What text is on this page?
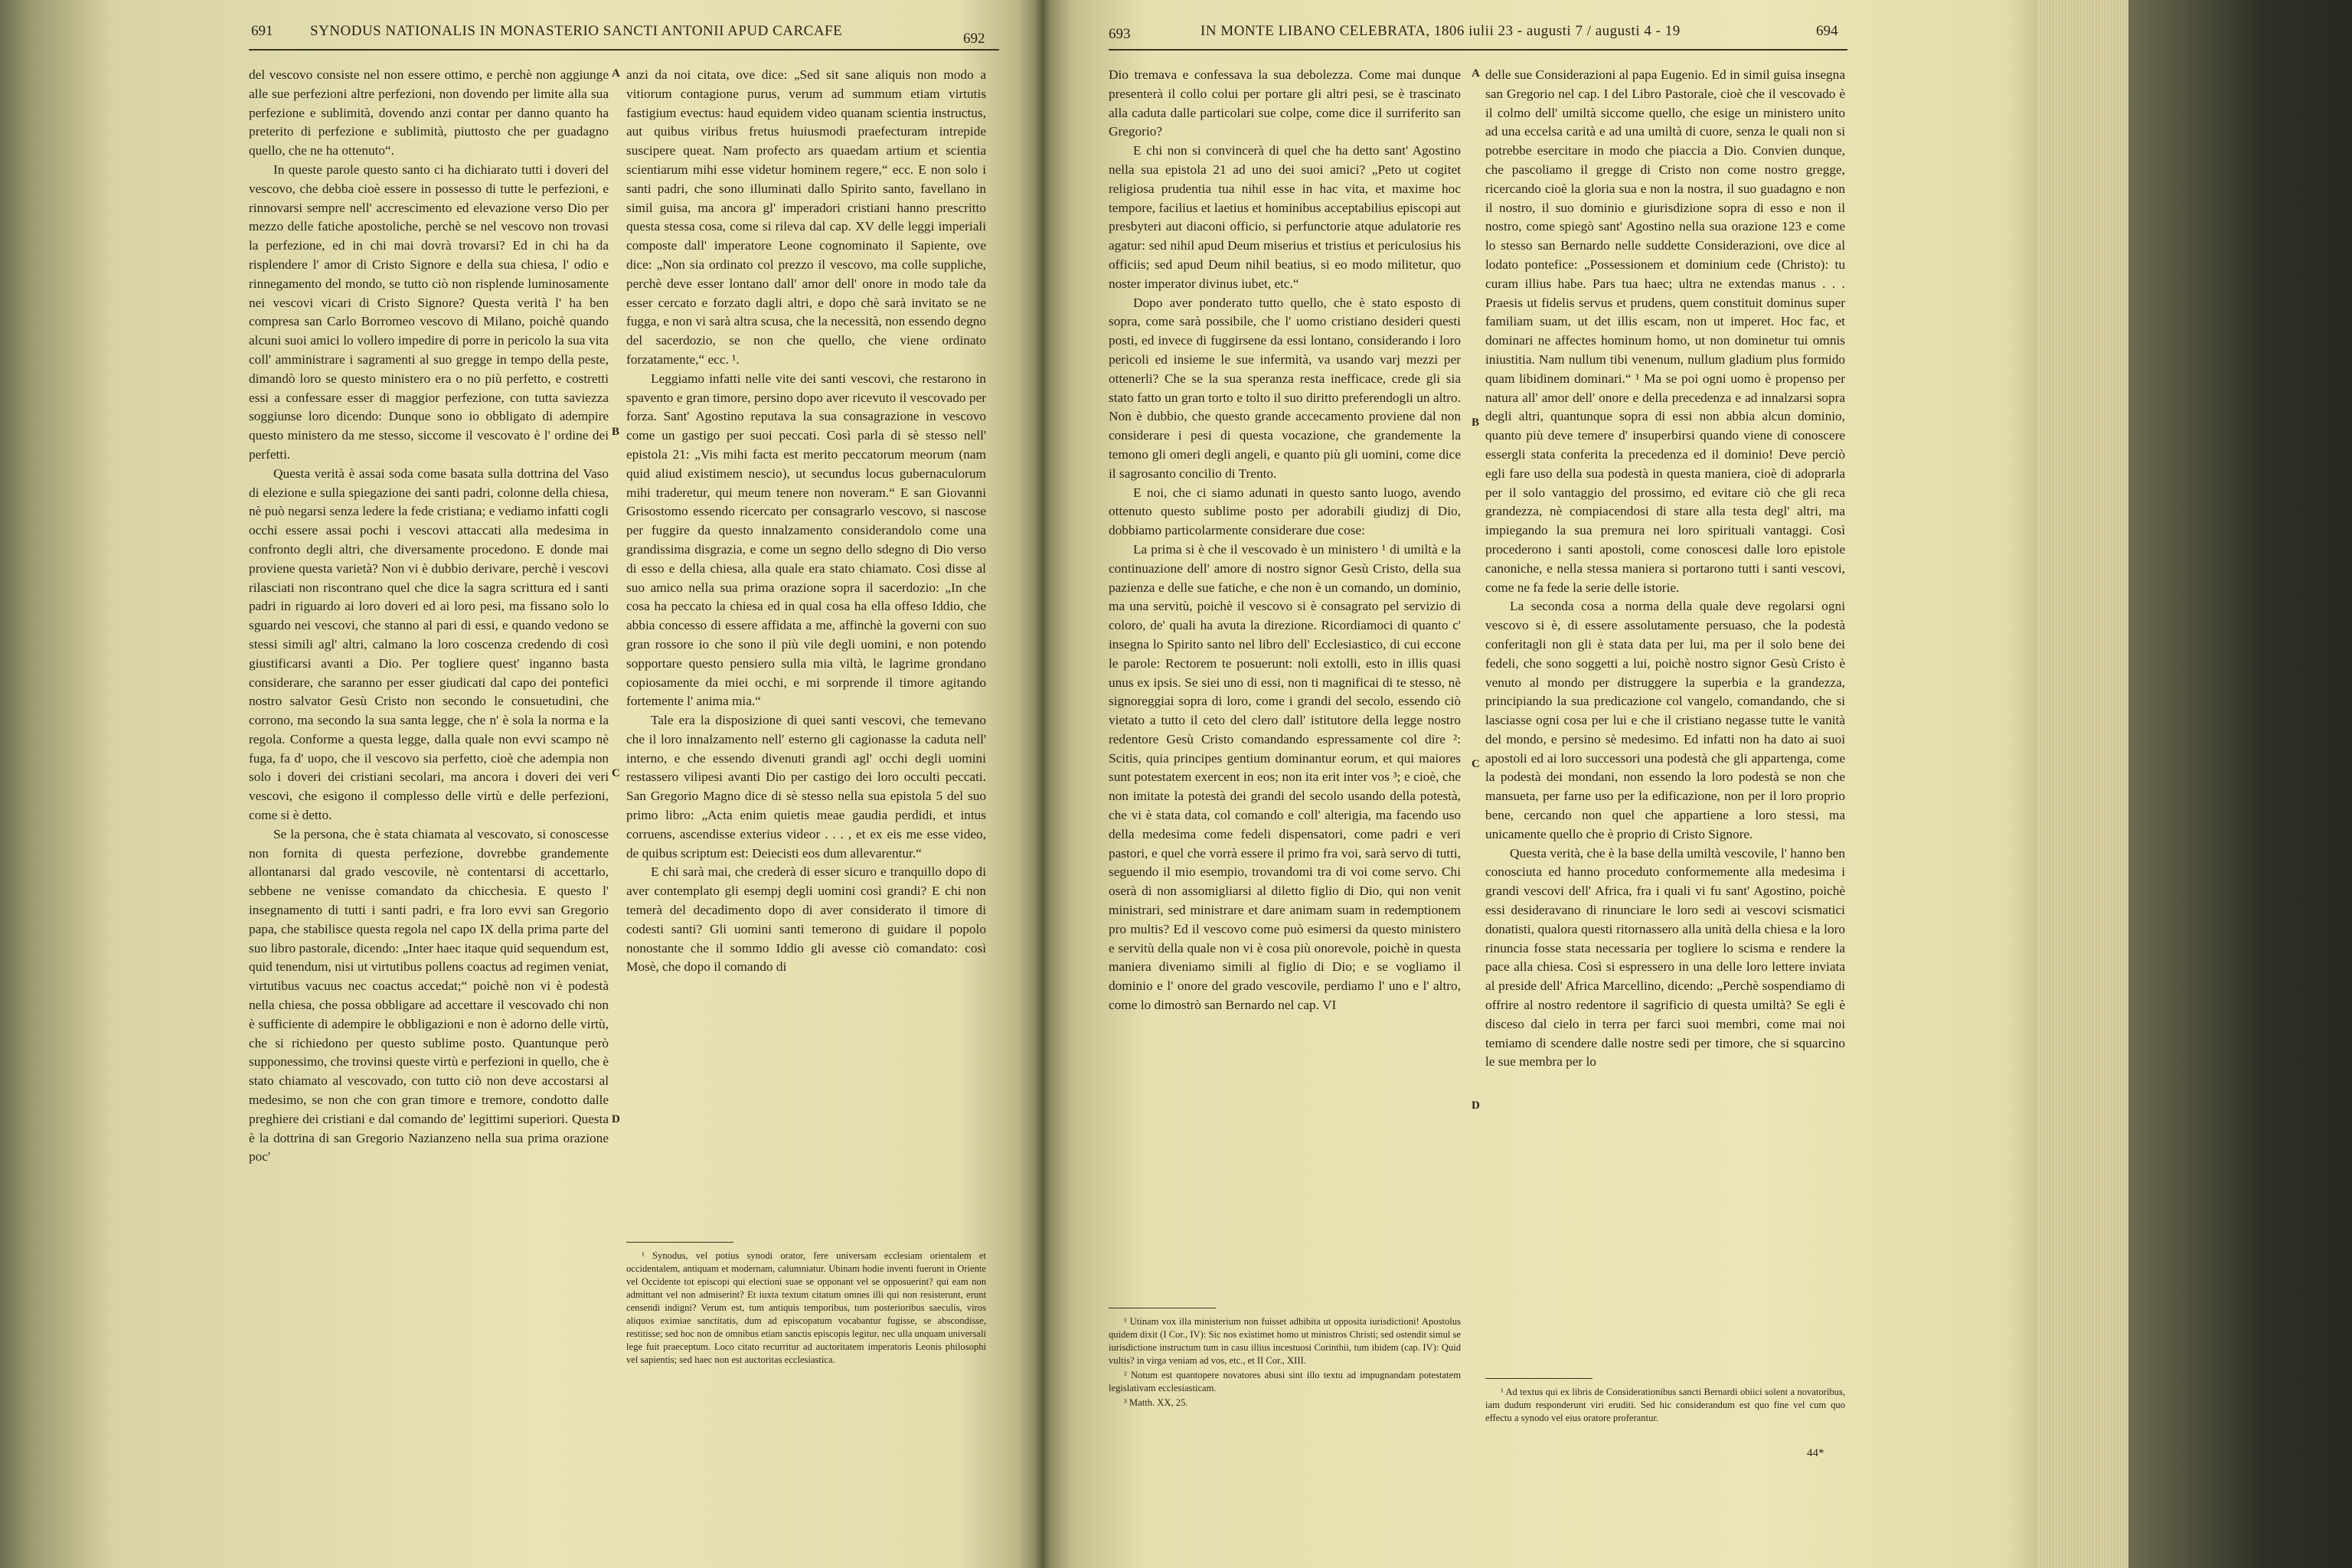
691	SYNODUS NATIONALIS IN MONASTERIO SANCTI ANTONII APUD CARCAFE	692

del vescovo consiste nel non essere ottimo, e perchè non aggiunge alle sue perfezioni altre perfezioni, non dovendo per limite alla sua perfezione e sublimità, dovendo anzi contar per danno quanto ha preterito di perfezione e sublimità, piuttosto che per guadagno quello, che ne ha ottenuto“.

In queste parole questo santo ci ha dichiarato tutti i doveri del vescovo, che debba cioè essere in possesso di tutte le perfezioni, e rinnovarsi sempre nell' accrescimento ed elevazione verso Dio per mezzo delle fatiche apostoliche, perchè se nel vescovo non trovasi la perfezione, ed in chi mai dovrà trovarsi? Ed in chi ha da risplendere l' amor di Cristo Signore e della sua chiesa, l' odio e rinnegamento del mondo, se tutto ciò non risplende luminosamente nei vescovi vicari di Cristo Signore? Questa verità l' ha ben compresa san Carlo Borromeo vescovo di Milano, poichè quando alcuni suoi amici lo vollero impedire di porre in pericolo la sua vita coll' amministrare i sagramenti al suo gregge in tempo della peste, dimandò loro se questo ministero era o no più perfetto, e costretti essi a confessare esser di maggior perfezione, con tutta saviezza soggiunse loro dicendo: Dunque sono io obbligato di adempire questo ministero da me stesso, siccome il vescovato è l' ordine dei perfetti.

Questa verità è assai soda come basata sulla dottrina del Vaso di elezione e sulla spiegazione dei santi padri, colonne della chiesa, nè può negarsi senza ledere la fede cristiana; e vediamo infatti cogli occhi essere assai pochi i vescovi attaccati alla medesima in confronto degli altri, che diversamente procedono. E donde mai proviene questa varietà? Non vi è dubbio derivare, perchè i vescovi rilasciati non riscontrano quel che dice la sagra scrittura ed i santi padri in riguardo ai loro doveri ed ai loro pesi, ma fissano solo lo sguardo nei vescovi, che stanno al pari di essi, e quando vedono se stessi simili agl' altri, calmano la loro coscenza credendo di così giustificarsi avanti a Dio. Per togliere quest' inganno basta considerare, che saranno per esser giudicati dal capo dei pontefici nostro salvator Gesù Cristo non secondo le consuetudini, che corrono, ma secondo la sua santa legge, che n' è sola la norma e la regola. Conforme a questa legge, dalla quale non evvi scampo nè fuga, fa d' uopo, che il vescovo sia perfetto, cioè che adempia non solo i doveri dei cristiani secolari, ma ancora i doveri dei veri vescovi, che esigono il complesso delle virtù e delle perfezioni, come si è detto.

Se la persona, che è stata chiamata al vescovato, si conoscesse non fornita di questa perfezione, dovrebbe grandemente allontanarsi dal grado vescovile, nè contentarsi di accettarlo, sebbene ne venisse comandato da chicchesia. E questo l' insegnamento di tutti i santi padri, e fra loro evvi san Gregorio papa, che stabilisce questa regola nel capo IX della prima parte del suo libro pastorale, dicendo: „Inter haec itaque quid sequendum est, quid tenendum, nisi ut virtutibus pollens coactus ad regimen veniat, virtutibus vacuus nec coactus accedat;“ poichè non vi è podestà nella chiesa, che possa obbligare ad accettare il vescovado chi non è sufficiente di adempire le obbligazioni e non è adorno delle virtù, che si richiedono per questo sublime posto. Quantunque però supponessimo, che trovinsi queste virtù e perfezioni in quello, che è stato chiamato al vescovado, con tutto ciò non deve accostarsi al medesimo, se non che con gran timore e tremore, condotto dalle preghiere dei cristiani e dal comando de' legittimi superiori. Questa è la dottrina di san Gregorio Nazianzeno nella sua prima orazione poc'

anzi da noi citata, ove dice: „Sed sit sane aliquis non modo a vitiorum contagione purus, verum ad summum etiam virtutis fastigium evectus: haud equidem video quanam scientia instructus, aut quibus viribus fretus huiusmodi praefecturam intrepide suscipere queat. Nam profecto ars quaedam artium et scientia scientiarum mihi esse videtur hominem regere,“ ecc. E non solo i santi padri, che sono illuminati dallo Spirito santo, favellano in simil guisa, ma ancora gl' imperadori cristiani hanno prescritto questa stessa cosa, come si rileva dal cap. XV delle leggi imperiali composte dall' imperatore Leone cognominato il Sapiente, ove dice: „Non sia ordinato col prezzo il vescovo, ma colle suppliche, perchè deve esser lontano dall' amor dell' onore in modo tale da esser cercato e forzato dagli altri, e dopo chè sarà invitato se ne fugga, e non vi sarà altra scusa, che la necessità, non essendo degno del sacerdozio, se non che quello, che viene ordinato forzatamente,“ ecc. ¹.

Leggiamo infatti nelle vite dei santi vescovi, che restarono in spavento e gran timore, persino dopo aver ricevuto il vescovado per forza. Sant' Agostino reputava la sua consagrazione in vescovo come un gastigo per suoi peccati. Così parla di sè stesso nell' epistola 21: „Vis mihi facta est merito peccatorum meorum (nam quid aliud existimem nescio), ut secundus locus gubernaculorum mihi traderetur, qui meum tenere non noveram.“ E san Giovanni Grisostomo essendo ricercato per consagrarlo vescovo, si nascose per fuggire da questo innalzamento considerandolo come una grandissima disgrazia, e come un segno dello sdegno di Dio verso di esso e della chiesa, alla quale era stato chiamato. Così disse al suo amico nella sua prima orazione sopra il sacerdozio: „In che cosa ha peccato la chiesa ed in qual cosa ha ella offeso Iddio, che abbia concesso di essere affidata a me, affinchè la governi con suo gran rossore io che sono il più vile degli uomini, e non potendo sopportare questo pensiero sulla mia viltà, le lagrime grondano copiosamente da miei occhi, e mi sorprende il timore agitando fortemente l' anima mia.“

Tale era la disposizione di quei santi vescovi, che temevano che il loro innalzamento nell' esterno gli cagionasse la caduta nell' interno, e che essendo divenuti grandi agl' occhi degli uomini restassero vilipesi avanti Dio per castigo dei loro occulti peccati. San Gregorio Magno dice di sè stesso nella sua epistola 5 del suo primo libro: „Acta enim quietis meae gaudia perdidi, et intus corruens, ascendisse exterius videor . . . , et ex eis me esse video, de quibus scriptum est: Deiecisti eos dum allevarentur.“

E chi sarà mai, che crederà di esser sicuro e tranquillo dopo di aver contemplato gli esempj degli uomini così grandi? E chi non temerà del decadimento dopo di aver considerato il timore di codesti santi? Gli uomini santi temerono di guidare il popolo nonostante che il sommo Iddio gli avesse ciò comandato: così Mosè, che dopo il comando di

¹ Synodus, vel potius synodi orator, fere universam ecclesiam orientalem et occidentalem, antiquam et modernam, calumniatur. Ubinam hodie inventi fuerunt in Oriente vel Occidente tot episcopi qui electioni suae se opponant vel se opposuerint? qui eam non admittant vel non admiserint? Et iuxta textum citatum omnes illi qui non resisterunt, erunt censendi indigni? Verum est, tum antiquis temporibus, tum posterioribus saeculis, viros aliquos eximiae sanctitatis, dum ad episcopatum vocabantur fugisse, se abscondisse, restitisse; sed hoc non de omnibus etiam sanctis episcopis legitur, nec ulla unquam universali lege fuit praeceptum. Loco citato recurritur ad auctoritatem imperatoris Leonis philosophi vel sapientis; sed haec non est auctoritas ecclesiastica.

A
B
C
D
693	IN MONTE LIBANO CELEBRATA, 1806 iulii 23 - augusti 7 / augusti 4 - 19	694

Dio tremava e confessava la sua debolezza. Come mai dunque presenterà il collo colui per portare gli altri pesi, se è trascinato alla caduta dalle particolari sue colpe, come dice il surriferito san Gregorio?

E chi non si convincerà di quel che ha detto sant' Agostino nella sua epistola 21 ad uno dei suoi amici? „Peto ut cogitet religiosa prudentia tua nihil esse in hac vita, et maxime hoc tempore, facilius et laetius et hominibus acceptabilius episcopi aut presbyteri aut diaconi officio, si perfunctorie atque adulatorie res agatur: sed nihil apud Deum miserius et tristius et periculosius his officiis; sed apud Deum nihil beatius, si eo modo militetur, quo noster imperator divinus iubet, etc.“

Dopo aver ponderato tutto quello, che è stato esposto di sopra, come sarà possibile, che l' uomo cristiano desideri questi posti, ed invece di fuggirsene da essi lontano, considerando i loro pericoli ed insieme le sue infermità, va usando varj mezzi per ottenerli? Che se la sua speranza resta inefficace, crede gli sia stato fatto un gran torto e tolto il suo diritto preferendogli un altro. Non è dubbio, che questo grande accecamento proviene dal non considerare i pesi di questa vocazione, che grandemente la temono gli omeri degli angeli, e quanto più gli uomini, come dice il sagrosanto concilio di Trento.

E noi, che ci siamo adunati in questo santo luogo, avendo ottenuto questo sublime posto per adorabili giudizj di Dio, dobbiamo particolarmente considerare due cose:

La prima si è che il vescovado è un ministero ¹ di umiltà e la continuazione dell' amore di nostro signor Gesù Cristo, della sua pazienza e delle sue fatiche, e che non è un comando, un dominio, ma una servitù, poichè il vescovo si è consagrato pel servizio di coloro, de' quali ha avuta la direzione. Ricordiamoci di quanto c' insegna lo Spirito santo nel libro dell' Ecclesiastico, di cui eccone le parole: Rectorem te posuerunt: noli extolli, esto in illis quasi unus ex ipsis. Se siei uno di essi, non ti magnificai di te stesso, nè signoreggiai sopra di loro, come i grandi del secolo, essendo ciò vietato a tutto il ceto del clero dall' istitutore della legge nostro redentore Gesù Cristo comandando espressamente col dire ²: Scitis, quia principes gentium dominantur eorum, et qui maiores sunt potestatem exercent in eos; non ita erit inter vos ³; e cioè, che non imitate la potestà dei grandi del secolo usando della potestà, che vi è stata data, col comando e coll' alterigia, ma facendo uso della medesima come fedeli dispensatori, come padri e veri pastori, e quel che vorrà essere il primo fra voi, sarà servo di tutti, seguendo il mio esempio, trovandomi tra di voi come servo. Chi oserà di non assomigliarsi al diletto figlio di Dio, qui non venit ministrari, sed ministrare et dare animam suam in redemptionem pro multis? Ed il vescovo come può esimersi da questo ministero e servitù della quale non vi è cosa più onorevole, poichè in questa maniera diveniamo simili al figlio di Dio; e se vogliamo il dominio e l' onore del grado vescovile, perdiamo l' uno e l' altro, come lo dimostrò san Bernardo nel cap. VI

¹ Utinam vox illa ministerium non fuisset adhibita ut opposita iurisdictioni! Apostolus quidem dixit (I Cor., IV): Sic nos existimet homo ut ministros Christi; sed ostendit simul se iurisdictione instructum tum in casu illius incestuosi Corinthii, tum ibidem (cap. IV): Quid vultis? in virga veniam ad vos, etc., et II Cor., XIII.

² Notum est quantopere novatores abusi sint illo textu ad impugnandam potestatem legislativam ecclesiasticam.

³ Matth. XX, 25.

delle sue Considerazioni al papa Eugenio. Ed in simil guisa insegna san Gregorio nel cap. I del Libro Pastorale, cioè che il vescovado è il colmo dell' umiltà siccome quello, che esige un ministero unito ad una eccelsa carità e ad una umiltà di cuore, senza le quali non si potrebbe esercitare in modo che piaccia a Dio. Convien dunque, che pascoliamo il gregge di Cristo non come nostro gregge, ricercando cioè la gloria sua e non la nostra, il suo guadagno e non il nostro, il suo dominio e giurisdizione sopra di esso e non il nostro, come spiegò sant' Agostino nella sua orazione 123 e come lo stesso san Bernardo nelle suddette Considerazioni, ove dice al lodato pontefice: „Possessionem et dominium cede (Christo): tu curam illius habe. Pars tua haec; ultra ne extendas manus . . . Praesis ut fidelis servus et prudens, quem constituit dominus super familiam suam, ut det illis escam, non ut imperet. Hoc fac, et dominari ne affectes hominum homo, ut non dominetur tui omnis iniustitia. Nam nullum tibi venenum, nullum gladium plus formido quam libidinem dominari.“ ¹ Ma se poi ogni uomo è propenso per natura all' amor dell' onore e della precedenza e ad innalzarsi sopra degli altri, quantunque sopra di essi non abbia alcun dominio, quanto più deve temere d' insuperbirsi quando viene di conoscere essergli stata conferita la precedenza ed il dominio! Deve perciò egli fare uso della sua podestà in questa maniera, cioè di adoprarla per il solo vantaggio del prossimo, ed evitare ciò che gli reca grandezza, nè compiacendosi di stare alla testa degl' altri, ma impiegando la sua premura nei loro spirituali vantaggi. Così procederono i santi apostoli, come conoscesi dalle loro epistole canoniche, e nella stessa maniera si portarono tutti i santi vescovi, come ne fa fede la serie delle istorie.

La seconda cosa a norma della quale deve regolarsi ogni vescovo si è, di essere assolutamente persuaso, che la podestà conferitagli non gli è stata data per lui, ma per il solo bene dei fedeli, che sono soggetti a lui, poichè nostro signor Gesù Cristo è venuto al mondo per distruggere la superbia e la grandezza, principiando la sua predicazione col vangelo, comandando, che si lasciasse ogni cosa per lui e che il cristiano negasse tutte le vanità del mondo, e persino sè medesimo. Ed infatti non ha dato ai suoi apostoli ed ai loro successori una podestà che gli appartenga, come la podestà dei mondani, non essendo la loro podestà se non che mansueta, per farne uso per la edificazione, non per il loro proprio bene, cercando non quel che appartiene a loro stessi, ma unicamente quello che è proprio di Cristo Signore.

Questa verità, che è la base della umiltà vescovile, l' hanno ben conosciuta ed hanno proceduto conformemente alla medesima i grandi vescovi dell' Africa, fra i quali vi fu sant' Agostino, poichè essi desideravano di rinunciare le loro sedi ai vescovi scismatici donatisti, qualora questi ritornassero alla unità della chiesa e la loro rinuncia fosse stata necessaria per togliere lo scisma e rendere la pace alla chiesa. Così si espressero in una delle loro lettere inviata al preside dell' Africa Marcellino, dicendo: „Perchè sospendiamo di offrire al nostro redentore il sagrificio di questa umiltà? Se egli è disceso dal cielo in terra per farci suoi membri, come mai noi temiamo di scendere dalle nostre sedi per timore, che si squarcino le sue membra per lo

¹ Ad textus qui ex libris de Considerationibus sancti Bernardi obiici solent a novatoribus, iam dudum responderunt viri eruditi. Sed hic considerandum est quo fine vel cum quo effectu a synodo vel eius oratore proferantur.

44*
A
B
C
D
